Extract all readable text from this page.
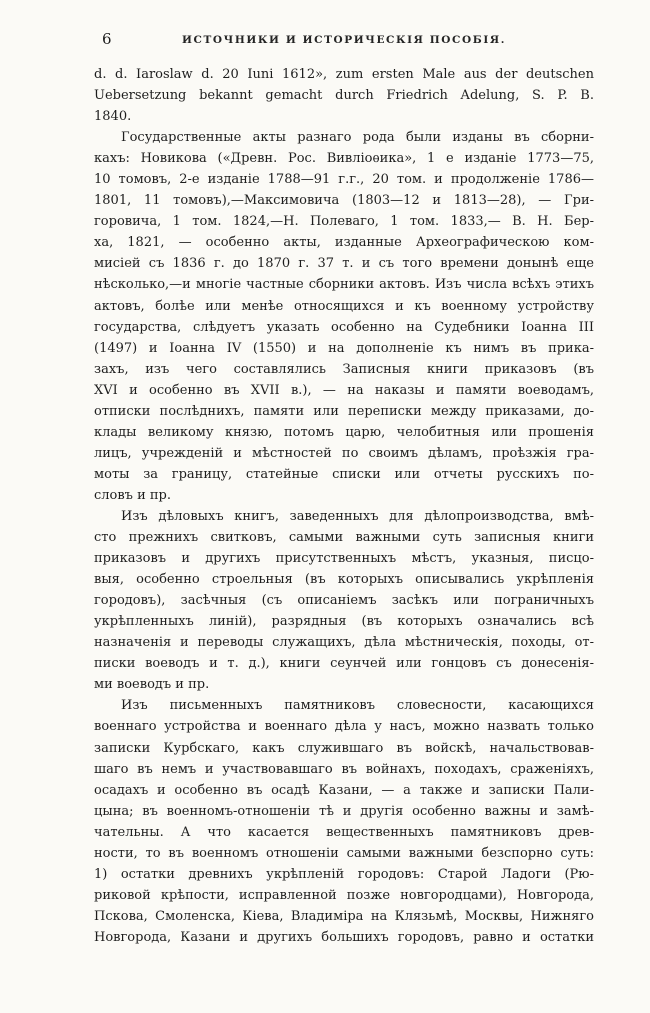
6	ИСТОЧНИКИ И ИСТОРИЧЕСКІЯ ПОСОБІЯ.
d. d. Iaroslaw d. 20 Iuni 1612», zum ersten Male aus der deutschen
Uebersetzung bekannt gemacht durch Friedrich Adelung, S. P. B.
1840.
Государственные акты разнаго рода были изданы въ сборни-
кахъ: Новикова («Древн. Рос. Вивліоѳика», 1 е изданіе 1773—75,
10 томовъ, 2-е изданіе 1788—91 г.г., 20 том. и продолженіе 1786—
1801, 11 томовъ),—Максимовича (1803—12 и 1813—28), — Гри-
горовича, 1 том. 1824,—Н. Полеваго, 1 том. 1833,— В. Н. Бер-
ха, 1821, — особенно акты, изданные Археографическою ком-
мисіей съ 1836 г. до 1870 г. 37 т. и съ того времени донынѣ еще
нѣсколько,—и многіе частные сборники актовъ. Изъ числа всѣхъ этихъ
актовъ, болѣе или менѣе относящихся и къ военному устройству
государства, слѣдуетъ указать особенно на Судебники Іоанна III
(1497) и Іоанна IV (1550) и на дополненіе къ нимъ въ прика-
захъ, изъ чего составлялись Записныя книги приказовъ (въ
XVI и особенно въ XVII в.), — на наказы и памяти воеводамъ,
отписки послѣднихъ, памяти или переписки между приказами, до-
клады великому князю, потомъ царю, челобитныя или прошенія
лицъ, учрежденій и мѣстностей по своимъ дѣламъ, проѣзжія гра-
моты за границу, статейные списки или отчеты русскихъ по-
словъ и пр.
Изъ дѣловыхъ книгъ, заведенныхъ для дѣлопроизводства, вмѣ-
сто прежнихъ свитковъ, самыми важными суть записныя книги
приказовъ и другихъ присутственныхъ мѣстъ, указныя, писцо-
выя, особенно строельныя (въ которыхъ описывались укрѣпленія
городовъ), засѣчныя (съ описаніемъ засѣкъ или пограничныхъ
укрѣпленныхъ линій), разрядныя (въ которыхъ означались всѣ
назначенія и переводы служащихъ, дѣла мѣстническія, походы, от-
писки воеводъ и т. д.), книги сеунчей или гонцовъ съ донесенія-
ми воеводъ и пр.
Изъ письменныхъ памятниковъ словесности, касающихся
военнаго устройства и военнаго дѣла у насъ, можно назвать только
записки Курбскаго, какъ служившаго въ войскѣ, начальствовав-
шаго въ немъ и участвовавшаго въ войнахъ, походахъ, сраженіяхъ,
осадахъ и особенно въ осадѣ Казани, — а также и записки Пали-
цына; въ военномъ-отношеніи тѣ и другія особенно важны и замѣ-
чательны. А что касается вещественныхъ памятниковъ древ-
ности, то въ военномъ отношеніи самыми важными безспорно суть:
1) остатки древнихъ укрѣпленій городовъ: Старой Ладоги (Рю-
риковой крѣпости, исправленной позже новгородцами), Новгорода,
Пскова, Смоленска, Кіева, Владиміра на Клязьмѣ, Москвы, Нижняго
Новгорода, Казани и другихъ большихъ городовъ, равно и остатки
